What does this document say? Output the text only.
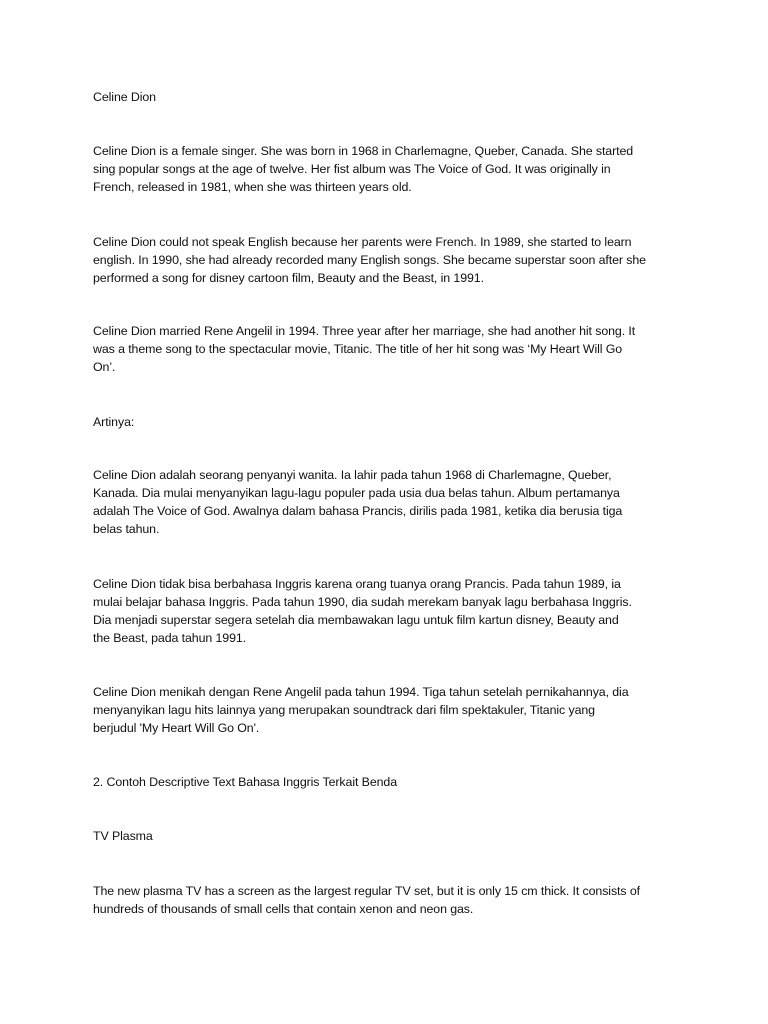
Celine Dion

Celine Dion is a female singer. She was born in 1968 in Charlemagne, Queber, Canada. She started
sing popular songs at the age of twelve. Her fist album was The Voice of God. It was originally in
French, released in 1981, when she was thirteen years old.

Celine Dion could not speak English because her parents were French. In 1989, she started to learn
english. In 1990, she had already recorded many English songs. She became superstar soon after she
performed a song for disney cartoon film, Beauty and the Beast, in 1991.

Celine Dion married Rene Angelil in 1994. Three year after her marriage, she had another hit song. It
was a theme song to the spectacular movie, Titanic. The title of her hit song was ‘My Heart Will Go
On’.

Artinya:

Celine Dion adalah seorang penyanyi wanita. Ia lahir pada tahun 1968 di Charlemagne, Queber,
Kanada. Dia mulai menyanyikan lagu-lagu populer pada usia dua belas tahun. Album pertamanya
adalah The Voice of God. Awalnya dalam bahasa Prancis, dirilis pada 1981, ketika dia berusia tiga
belas tahun.

Celine Dion tidak bisa berbahasa Inggris karena orang tuanya orang Prancis. Pada tahun 1989, ia
mulai belajar bahasa Inggris. Pada tahun 1990, dia sudah merekam banyak lagu berbahasa Inggris.
Dia menjadi superstar segera setelah dia membawakan lagu untuk film kartun disney, Beauty and
the Beast, pada tahun 1991.

Celine Dion menikah dengan Rene Angelil pada tahun 1994. Tiga tahun setelah pernikahannya, dia
menyanyikan lagu hits lainnya yang merupakan soundtrack dari film spektakuler, Titanic yang
berjudul 'My Heart Will Go On'.

2. Contoh Descriptive Text Bahasa Inggris Terkait Benda

TV Plasma

The new plasma TV has a screen as the largest regular TV set, but it is only 15 cm thick. It consists of
hundreds of thousands of small cells that contain xenon and neon gas.
